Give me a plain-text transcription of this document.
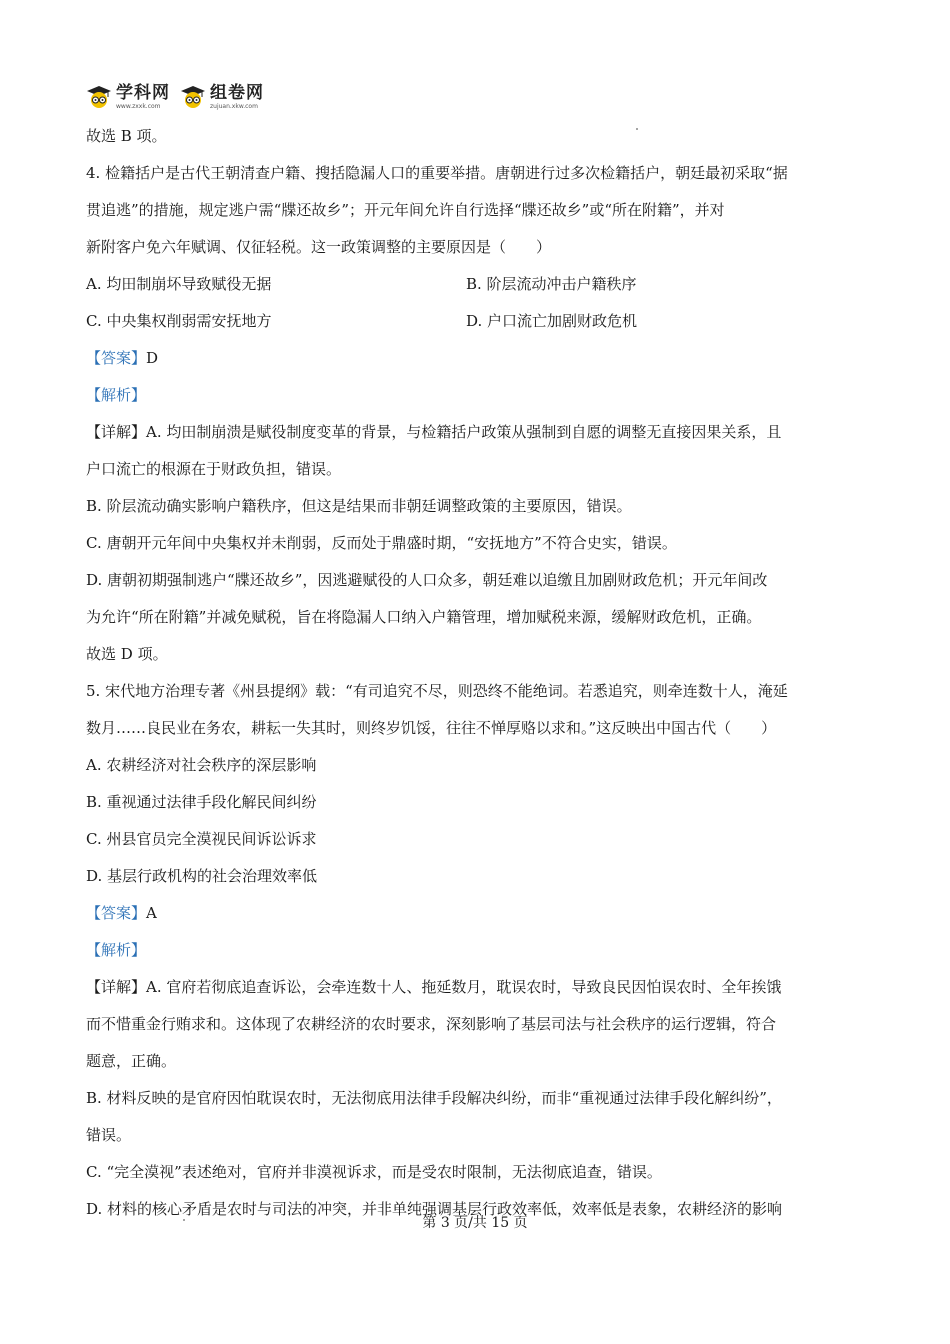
学科网
www.zxxk.com
组卷网
zujuan.xkw.com
故选 B 项。
4. 检籍括户是古代王朝清查户籍、搜括隐漏人口的重要举措。唐朝进行过多次检籍括户，朝廷最初采取“据
贯追逃”的措施，规定逃户需“牒还故乡”；开元年间允许自行选择“牒还故乡”或“所在附籍”，并对
新附客户免六年赋调、仅征轻税。这一政策调整的主要原因是（　　）
A. 均田制崩坏导致赋役无据	B. 阶层流动冲击户籍秩序
C. 中央集权削弱需安抚地方	D. 户口流亡加剧财政危机
【答案】D
【解析】
【详解】A. 均田制崩溃是赋役制度变革的背景，与检籍括户政策从强制到自愿的调整无直接因果关系，且
户口流亡的根源在于财政负担，错误。
B. 阶层流动确实影响户籍秩序，但这是结果而非朝廷调整政策的主要原因，错误。
C. 唐朝开元年间中央集权并未削弱，反而处于鼎盛时期，“安抚地方”不符合史实，错误。
D. 唐朝初期强制逃户“牒还故乡”，因逃避赋役的人口众多，朝廷难以追缴且加剧财政危机；开元年间改
为允许“所在附籍”并减免赋税，旨在将隐漏人口纳入户籍管理，增加赋税来源，缓解财政危机，正确。
故选 D 项。
5. 宋代地方治理专著《州县提纲》载：“有司追究不尽，则恐终不能绝词。若悉追究，则牵连数十人，淹延
数月……良民业在务农，耕耘一失其时，则终岁饥馁，往往不惮厚赂以求和。”这反映出中国古代（　　）
A. 农耕经济对社会秩序的深层影响
B. 重视通过法律手段化解民间纠纷
C. 州县官员完全漠视民间诉讼诉求
D. 基层行政机构的社会治理效率低
【答案】A
【解析】
【详解】A. 官府若彻底追查诉讼，会牵连数十人、拖延数月，耽误农时，导致良民因怕误农时、全年挨饿
而不惜重金行贿求和。这体现了农耕经济的农时要求，深刻影响了基层司法与社会秩序的运行逻辑，符合
题意，正确。
B. 材料反映的是官府因怕耽误农时，无法彻底用法律手段解决纠纷，而非“重视通过法律手段化解纠纷”，
错误。
C. “完全漠视”表述绝对，官府并非漠视诉求，而是受农时限制，无法彻底追查，错误。
D. 材料的核心矛盾是农时与司法的冲突，并非单纯强调基层行政效率低，效率低是表象，农耕经济的影响
第 3 页/共 15 页
